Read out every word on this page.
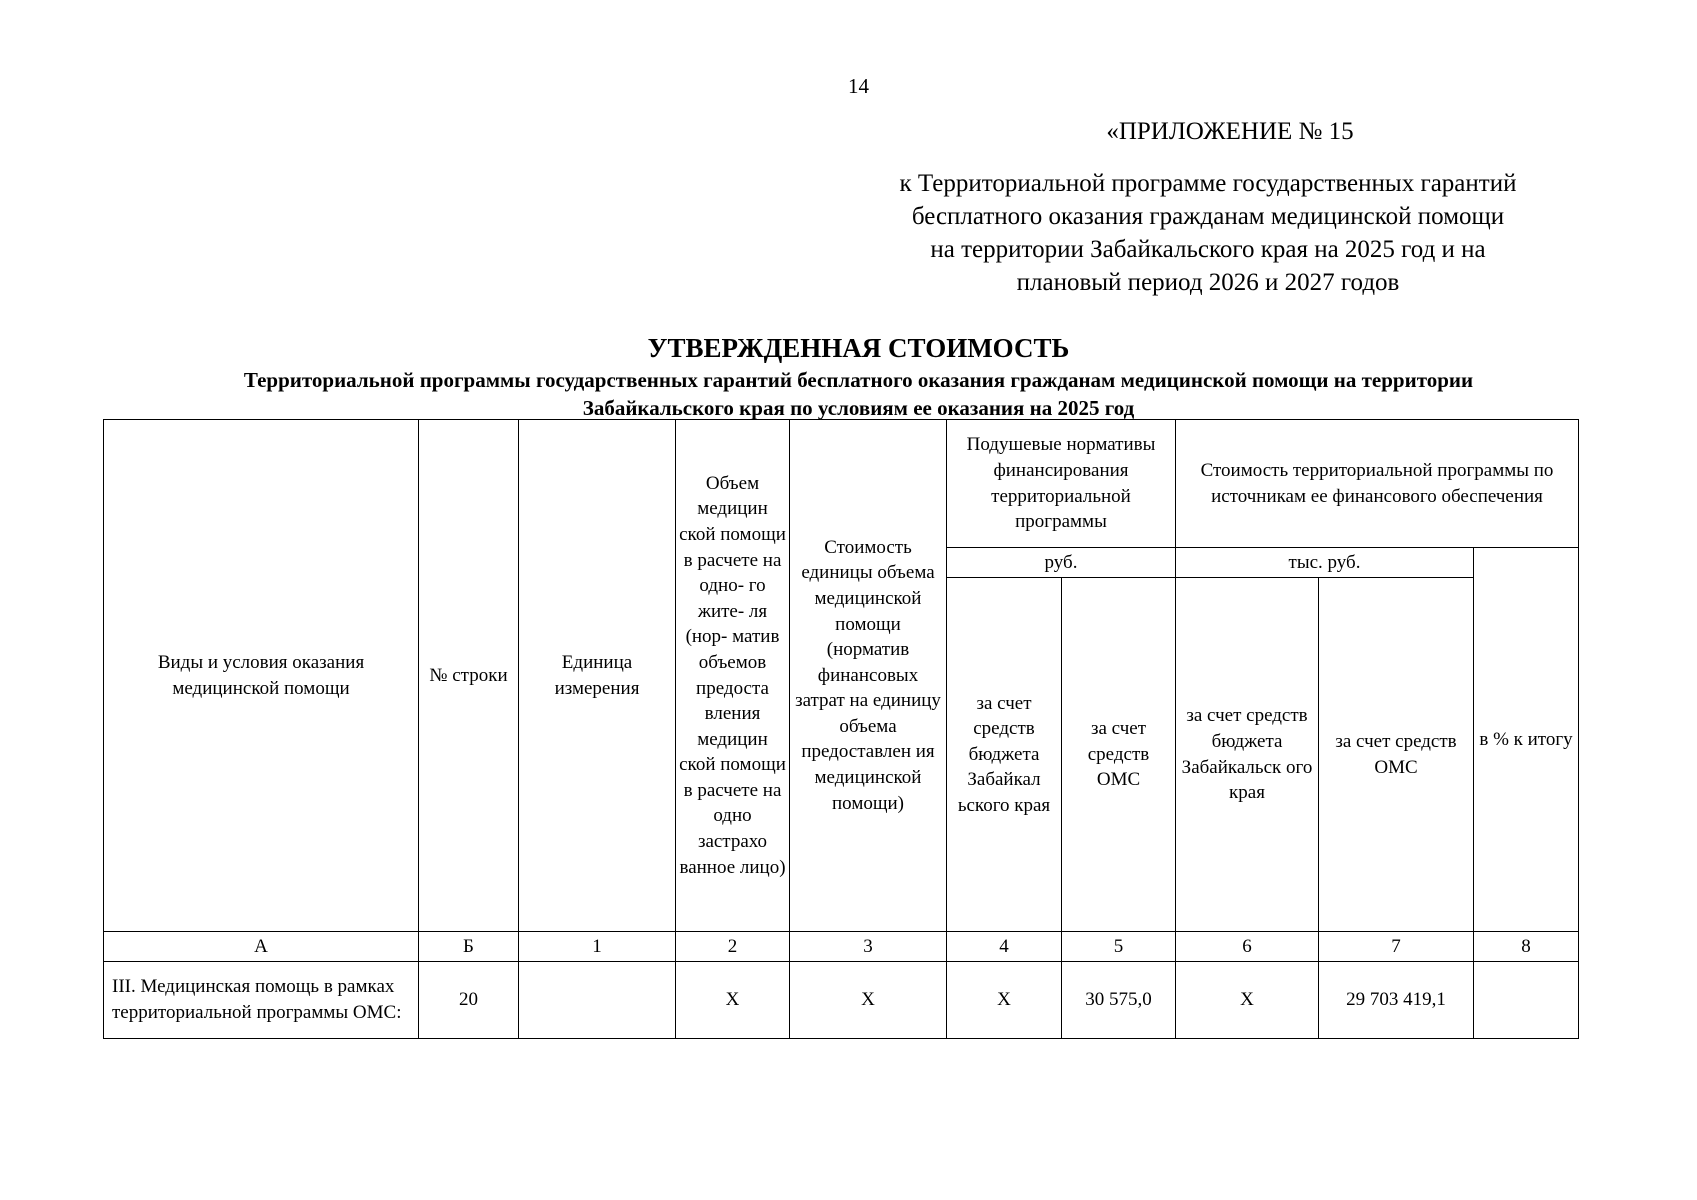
14
«ПРИЛОЖЕНИЕ № 15
к Территориальной программе государственных гарантий
бесплатного оказания гражданам медицинской помощи
на территории Забайкальского края на 2025 год и на
плановый период 2026 и 2027 годов
УТВЕРЖДЕННАЯ СТОИМОСТЬ
Территориальной программы государственных гарантий бесплатного оказания гражданам медицинской помощи на территории
Забайкальского края по условиям ее оказания на 2025 год
Виды и условия оказания медицинской помощи	№ строки	Единица измерения	Объем медицин ской помощи в расчете на одно- го жите- ля (нор- матив объемов предоста вления медицин ской помощи в расчете на одно застрахо ванное лицо)	Стоимость единицы объема медицинской помощи (норматив финансовых затрат на единицу объема предоставлен ия медицинской помощи)	Подушевые нормативы финансирования территориальной программы		Стоимость территориальной программы по источникам ее финансового обеспечения		
					руб.		тыс. руб.		в % к итогу
					за счет средств бюджета Забайкал ьского края	за счет средств ОМС	за счет средств бюджета Забайкальск ого края	за счет средств ОМС	
А	Б	1	2	3	4	5	6	7	8
III. Медицинская помощь в рамках территориальной программы ОМС:	20		X	X	X	30 575,0	X	29 703 419,1	
